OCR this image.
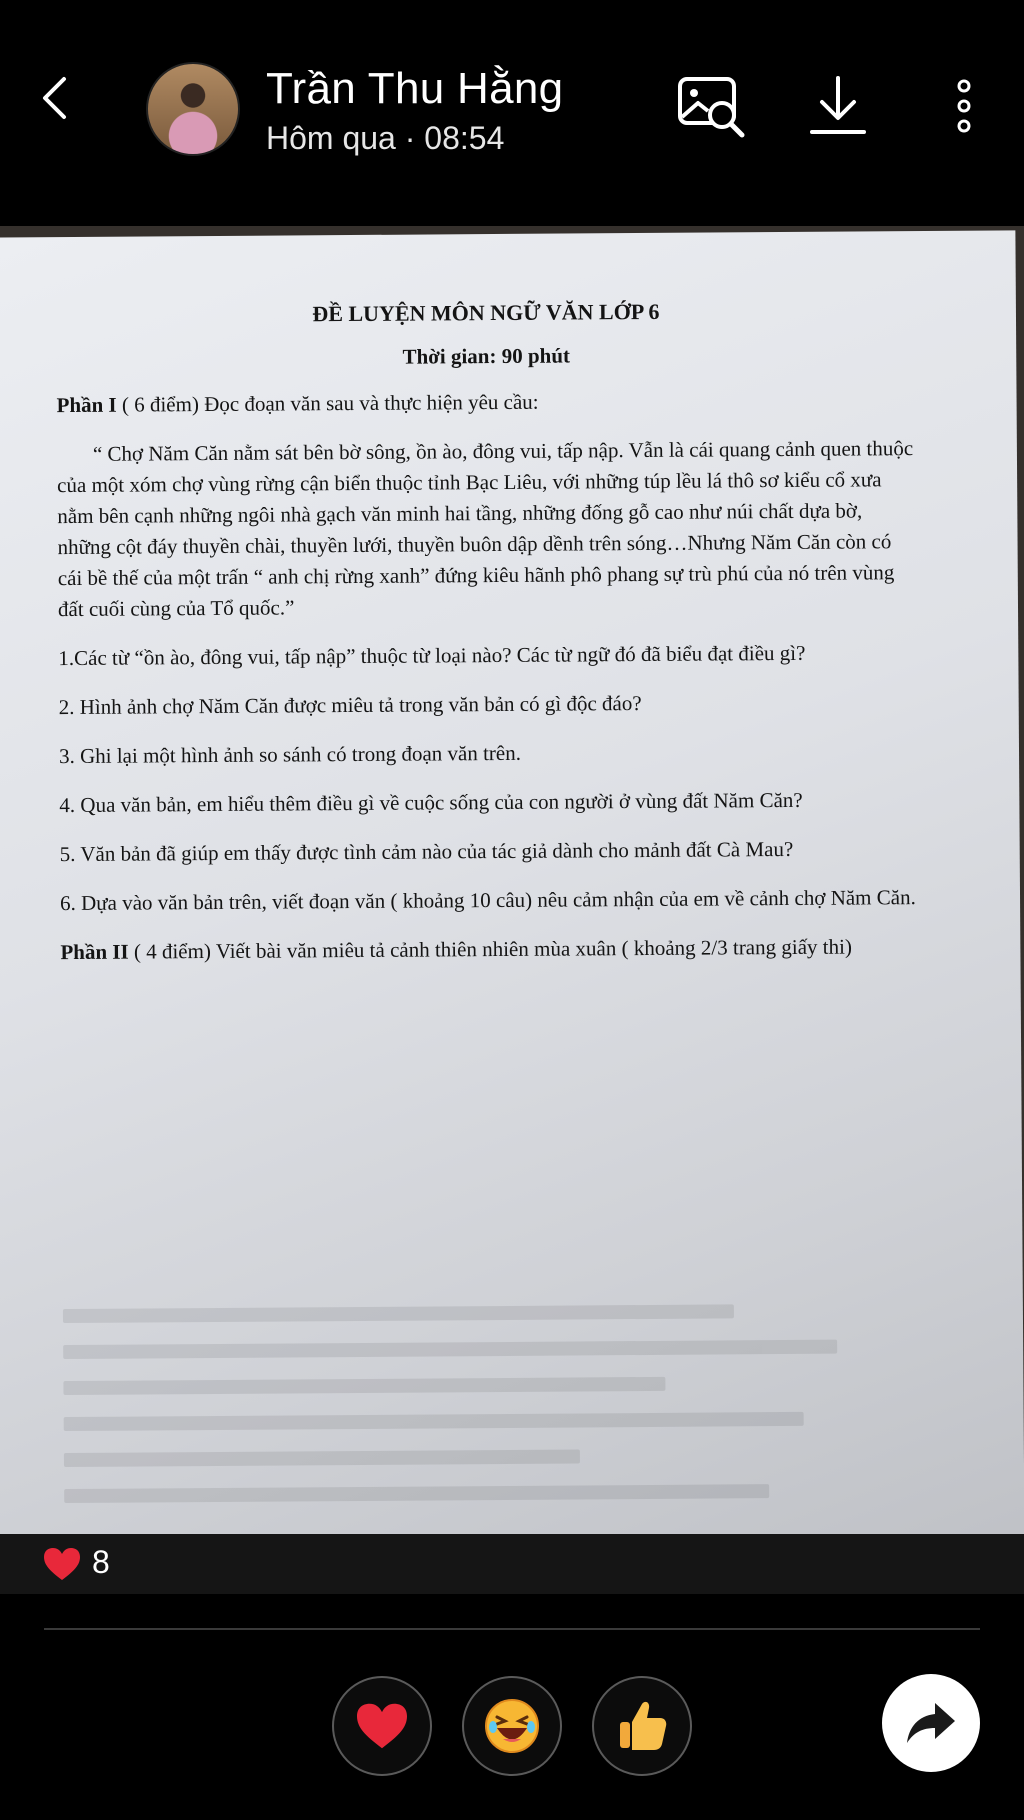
Trần Thu Hằng
Hôm qua · 08:54
ĐỀ LUYỆN MÔN NGỮ VĂN LỚP 6
Thời gian: 90 phút
Phần I ( 6 điểm) Đọc đoạn văn sau và thực hiện yêu cầu:
“ Chợ Năm Căn nằm sát bên bờ sông, ồn ào, đông vui, tấp nập. Vẫn là cái quang cảnh quen thuộc của một xóm chợ vùng rừng cận biển thuộc tỉnh Bạc Liêu, với những túp lều lá thô sơ kiểu cổ xưa nằm bên cạnh những ngôi nhà gạch văn minh hai tầng, những đống gỗ cao như núi chất dựa bờ, những cột đáy thuyền chài, thuyền lưới, thuyền buôn dập dềnh trên sóng…Nhưng Năm Căn còn có cái bề thế của một trấn “ anh chị rừng xanh” đứng kiêu hãnh phô phang sự trù phú của nó trên vùng đất cuối cùng của Tổ quốc.”
1.Các từ “ồn ào, đông vui, tấp nập” thuộc từ loại nào? Các từ ngữ đó đã biểu đạt điều gì?
2. Hình ảnh chợ Năm Căn được miêu tả trong văn bản có gì độc đáo?
3. Ghi lại một hình ảnh so sánh có trong đoạn văn trên.
4. Qua văn bản, em hiểu thêm điều gì về cuộc sống của con người ở vùng đất Năm Căn?
5. Văn bản đã giúp em thấy được tình cảm nào của tác giả dành cho mảnh đất Cà Mau?
6. Dựa vào văn bản trên, viết đoạn văn ( khoảng 10 câu) nêu cảm nhận của em về cảnh chợ Năm Căn.
Phần II ( 4 điểm) Viết bài văn miêu tả cảnh thiên nhiên mùa xuân ( khoảng 2/3 trang giấy thi)
8
